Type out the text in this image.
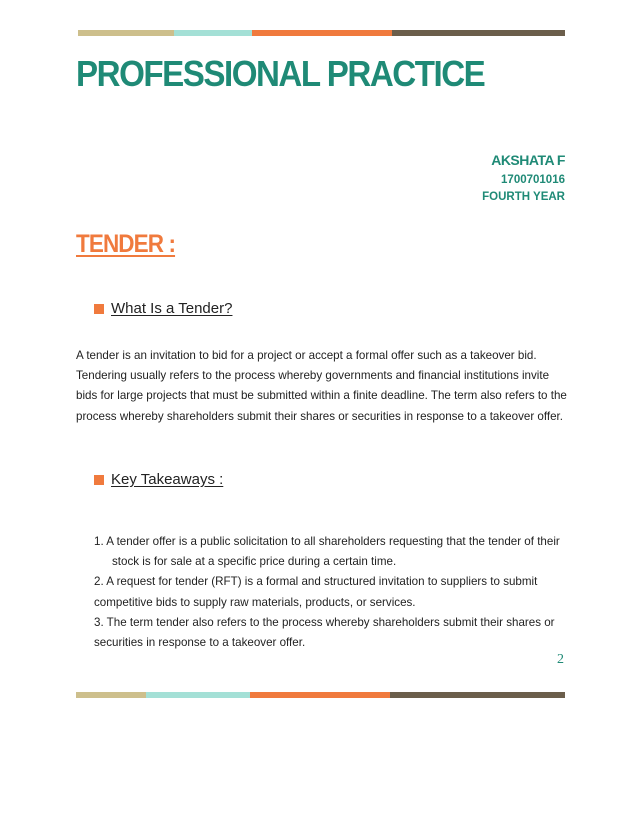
PROFESSIONAL PRACTICE
AKSHATA F
1700701016
FOURTH YEAR
TENDER :
What Is a Tender?
A tender is an invitation to bid for a project or accept a formal offer such as a takeover bid. Tendering usually refers to the process whereby governments and financial institutions invite bids for large projects that must be submitted within a finite deadline. The term also refers to the process whereby shareholders submit their shares or securities in response to a takeover offer.
Key Takeaways :
1. A tender offer is a public solicitation to all shareholders requesting that the tender of their stock is for sale at a specific price during a certain time.
2. A request for tender (RFT) is a formal and structured invitation to suppliers to submit competitive bids to supply raw materials, products, or services.
3. The term tender also refers to the process whereby shareholders submit their shares or securities in response to a takeover offer.
2
